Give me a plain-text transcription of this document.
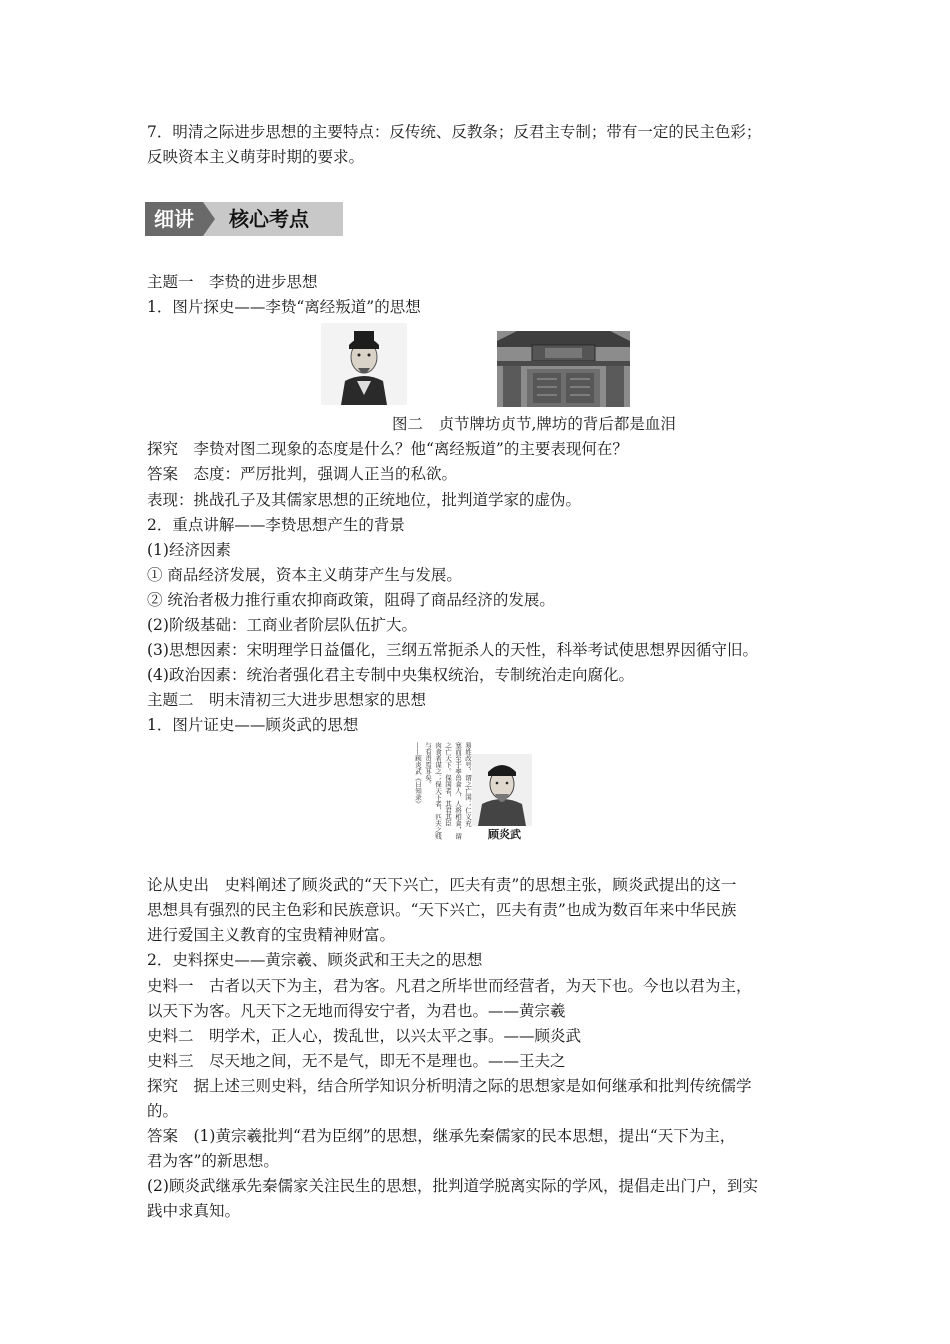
7．明清之际进步思想的主要特点：反传统、反教条；反君主专制；带有一定的民主色彩；
反映资本主义萌芽时期的要求。
细讲	核心考点
主题一　李贽的进步思想
1．图片探史——李贽“离经叛道”的思想
图二　贞节牌坊贞节,牌坊的背后都是血泪
探究　李贽对图二现象的态度是什么？他“离经叛道”的主要表现何在？
答案　态度：严厉批判，强调人正当的私欲。
表现：挑战孔子及其儒家思想的正统地位，批判道学家的虚伪。
2．重点讲解——李贽思想产生的背景
(1)经济因素
① 商品经济发展，资本主义萌芽产生与发展。
② 统治者极力推行重农抑商政策，阻碍了商品经济的发展。
(2)阶级基础：工商业者阶层队伍扩大。
(3)思想因素：宋明理学日益僵化，三纲五常扼杀人的天性，科举考试使思想界因循守旧。
(4)政治因素：统治者强化君主专制中央集权统治，专制统治走向腐化。
主题二　明末清初三大进步思想家的思想
1．图片证史——顾炎武的思想
易姓改号，谓之亡国；仁义充
塞而至于率兽食人，人将相食，谓
之亡天下。保国者，其君其臣
肉食者谋之；保天下者，匹夫之贱
与有责焉耳矣。
——顾炎武《日知录》
顾炎武
论从史出　史料阐述了顾炎武的“天下兴亡，匹夫有责”的思想主张，顾炎武提出的这一
思想具有强烈的民主色彩和民族意识。“天下兴亡，匹夫有责”也成为数百年来中华民族
进行爱国主义教育的宝贵精神财富。
2．史料探史——黄宗羲、顾炎武和王夫之的思想
史料一　古者以天下为主，君为客。凡君之所毕世而经营者，为天下也。今也以君为主，
以天下为客。凡天下之无地而得安宁者，为君也。——黄宗羲
史料二　明学术，正人心，拨乱世，以兴太平之事。——顾炎武
史料三　尽天地之间，无不是气，即无不是理也。——王夫之
探究　据上述三则史料，结合所学知识分析明清之际的思想家是如何继承和批判传统儒学
的。
答案　(1)黄宗羲批判“君为臣纲”的思想，继承先秦儒家的民本思想，提出“天下为主，
君为客”的新思想。
(2)顾炎武继承先秦儒家关注民生的思想，批判道学脱离实际的学风，提倡走出门户，到实
践中求真知。
